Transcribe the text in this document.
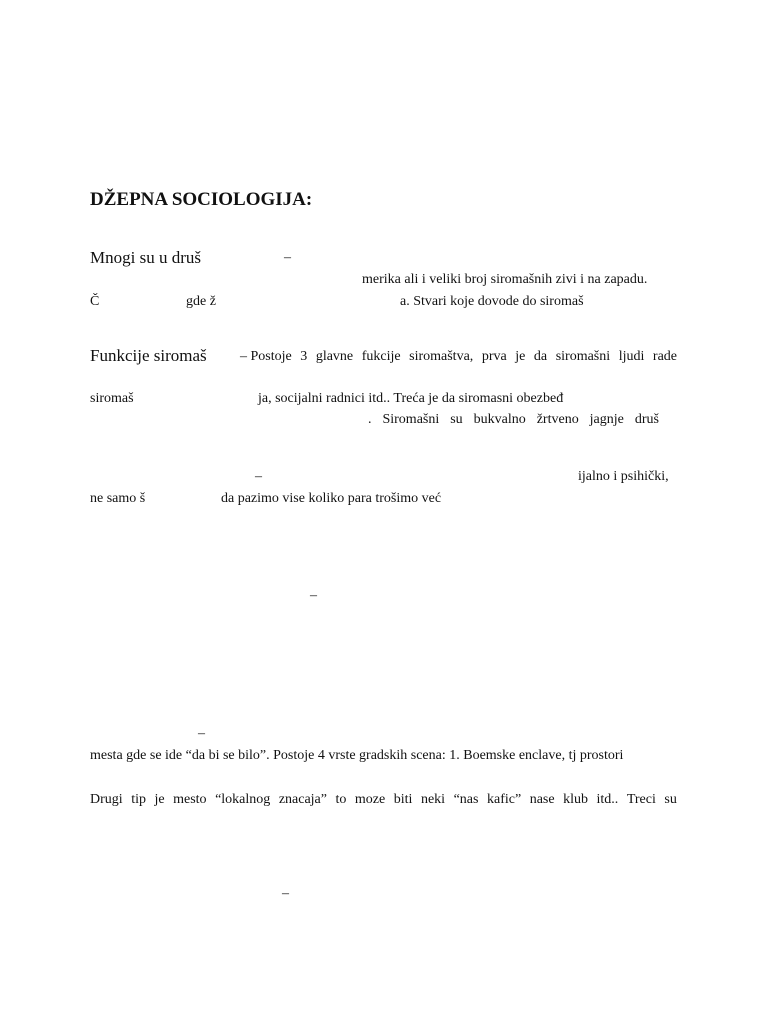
DŽEPNA SOCIOLOGIJA:
Mnogi su u druš	–
merika ali i veliki broj siromašnih zivi i na zapadu.
Č	gde ž	a. Stvari koje dovode do siromaš
Funkcije siromaš – Postoje 3 glavne fukcije siromaštva, prva je da siromašni ljudi rade
siromaš	ja, socijalni radnici itd.. Treća je da siromasni obezbeđ
. Siromašni su bukvalno žrtveno jagnje druš
–	ijalno i psihički,
ne samo š	da pazimo vise koliko para trošimo već
–
–
mesta gde se ide “da bi se bilo”. Postoje 4 vrste gradskih scena: 1. Boemske enclave, tj prostori
Drugi tip je mesto “lokalnog znacaja” to moze biti neki “nas kafic” nase klub itd.. Treci su
–
